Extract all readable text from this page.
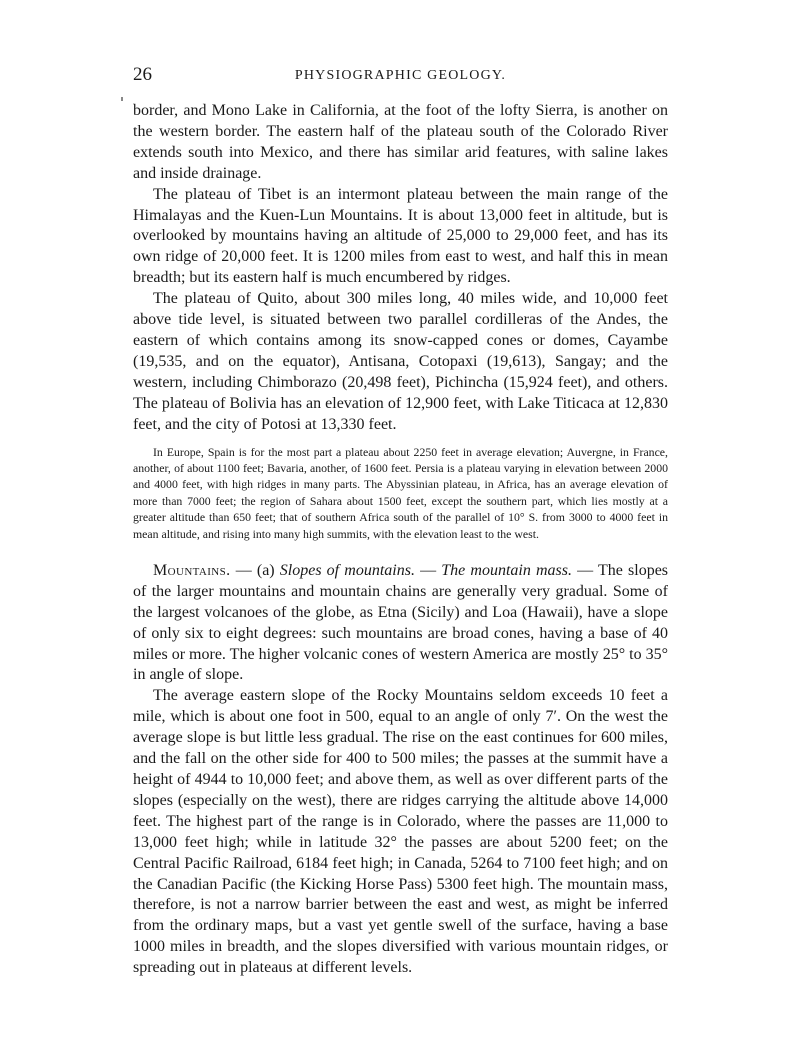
26	PHYSIOGRAPHIC GEOLOGY.

border, and Mono Lake in California, at the foot of the lofty Sierra, is another on the western border. The eastern half of the plateau south of the Colorado River extends south into Mexico, and there has similar arid features, with saline lakes and inside drainage.

The plateau of Tibet is an intermont plateau between the main range of the Himalayas and the Kuen-Lun Mountains. It is about 13,000 feet in altitude, but is overlooked by mountains having an altitude of 25,000 to 29,000 feet, and has its own ridge of 20,000 feet. It is 1200 miles from east to west, and half this in mean breadth; but its eastern half is much encumbered by ridges.

The plateau of Quito, about 300 miles long, 40 miles wide, and 10,000 feet above tide level, is situated between two parallel cordilleras of the Andes, the eastern of which contains among its snow-capped cones or domes, Cayambe (19,535, and on the equator), Antisana, Cotopaxi (19,613), Sangay; and the western, including Chimborazo (20,498 feet), Pichincha (15,924 feet), and others. The plateau of Bolivia has an elevation of 12,900 feet, with Lake Titicaca at 12,830 feet, and the city of Potosi at 13,330 feet.

In Europe, Spain is for the most part a plateau about 2250 feet in average elevation; Auvergne, in France, another, of about 1100 feet; Bavaria, another, of 1600 feet. Persia is a plateau varying in elevation between 2000 and 4000 feet, with high ridges in many parts. The Abyssinian plateau, in Africa, has an average elevation of more than 7000 feet; the region of Sahara about 1500 feet, except the southern part, which lies mostly at a greater altitude than 650 feet; that of southern Africa south of the parallel of 10° S. from 3000 to 4000 feet in mean altitude, and rising into many high summits, with the elevation least to the west.

Mountains. — (a) Slopes of mountains. — The mountain mass. — The slopes of the larger mountains and mountain chains are generally very gradual. Some of the largest volcanoes of the globe, as Etna (Sicily) and Loa (Hawaii), have a slope of only six to eight degrees: such mountains are broad cones, having a base of 40 miles or more. The higher volcanic cones of western America are mostly 25° to 35° in angle of slope.

The average eastern slope of the Rocky Mountains seldom exceeds 10 feet a mile, which is about one foot in 500, equal to an angle of only 7′. On the west the average slope is but little less gradual. The rise on the east continues for 600 miles, and the fall on the other side for 400 to 500 miles; the passes at the summit have a height of 4944 to 10,000 feet; and above them, as well as over different parts of the slopes (especially on the west), there are ridges carrying the altitude above 14,000 feet. The highest part of the range is in Colorado, where the passes are 11,000 to 13,000 feet high; while in latitude 32° the passes are about 5200 feet; on the Central Pacific Railroad, 6184 feet high; in Canada, 5264 to 7100 feet high; and on the Canadian Pacific (the Kicking Horse Pass) 5300 feet high. The mountain mass, therefore, is not a narrow barrier between the east and west, as might be inferred from the ordinary maps, but a vast yet gentle swell of the surface, having a base 1000 miles in breadth, and the slopes diversified with various mountain ridges, or spreading out in plateaus at different levels.
